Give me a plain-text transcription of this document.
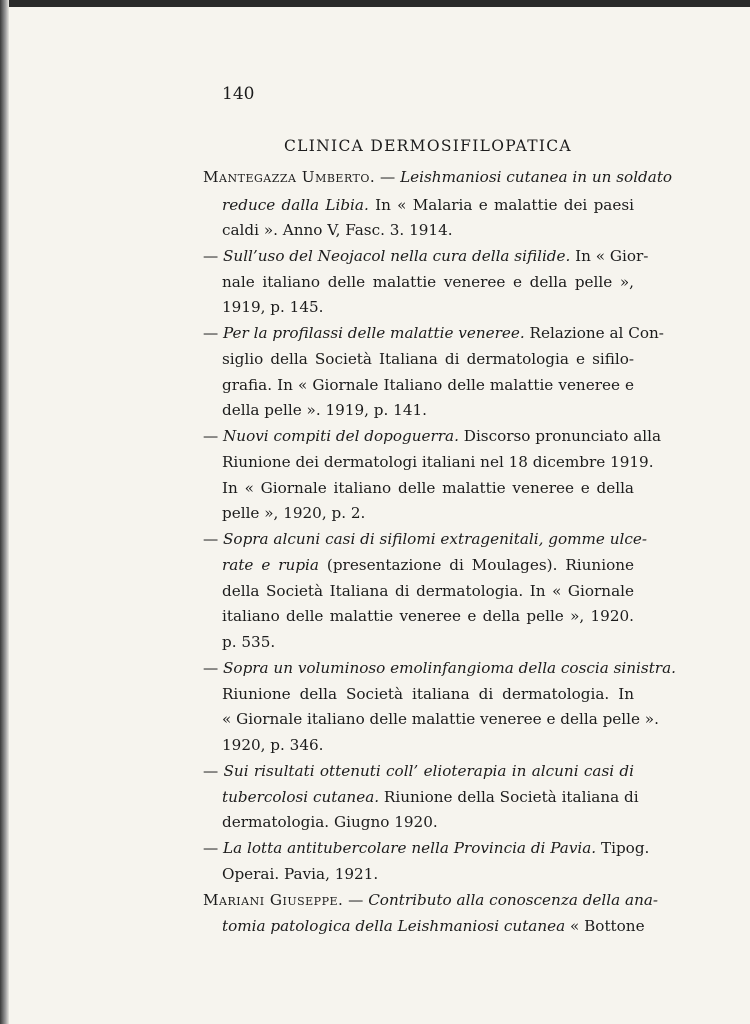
140
CLINICA DERMOSIFILOPATICA
Mantegazza Umberto. — Leishmaniosi cutanea in un soldato
reduce dalla Libia. In « Malaria e malattie dei paesi
caldi ». Anno V, Fasc. 3. 1914.
— Sull’uso del Neojacol nella cura della sifilide. In « Gior-
nale italiano delle malattie veneree e della pelle »,
1919, p. 145.
— Per la profilassi delle malattie veneree. Relazione al Con-
siglio della Società Italiana di dermatologia e sifilo-
grafia. In « Giornale Italiano delle malattie veneree e
della pelle ». 1919, p. 141.
— Nuovi compiti del dopoguerra. Discorso pronunciato alla
Riunione dei dermatologi italiani nel 18 dicembre 1919.
In « Giornale italiano delle malattie veneree e della
pelle », 1920, p. 2.
— Sopra alcuni casi di sifilomi extragenitali, gomme ulce-
rate e rupia (presentazione di Moulages). Riunione
della Società Italiana di dermatologia. In « Giornale
italiano delle malattie veneree e della pelle », 1920.
p. 535.
— Sopra un voluminoso emolinfangioma della coscia sinistra.
Riunione della Società italiana di dermatologia. In
« Giornale italiano delle malattie veneree e della pelle ».
1920, p. 346.
— Sui risultati ottenuti coll’ elioterapia in alcuni casi di
tubercolosi cutanea. Riunione della Società italiana di
dermatologia. Giugno 1920.
— La lotta antitubercolare nella Provincia di Pavia. Tipog.
Operai. Pavia, 1921.
Mariani Giuseppe. — Contributo alla conoscenza della ana-
tomia patologica della Leishmaniosi cutanea « Bottone
